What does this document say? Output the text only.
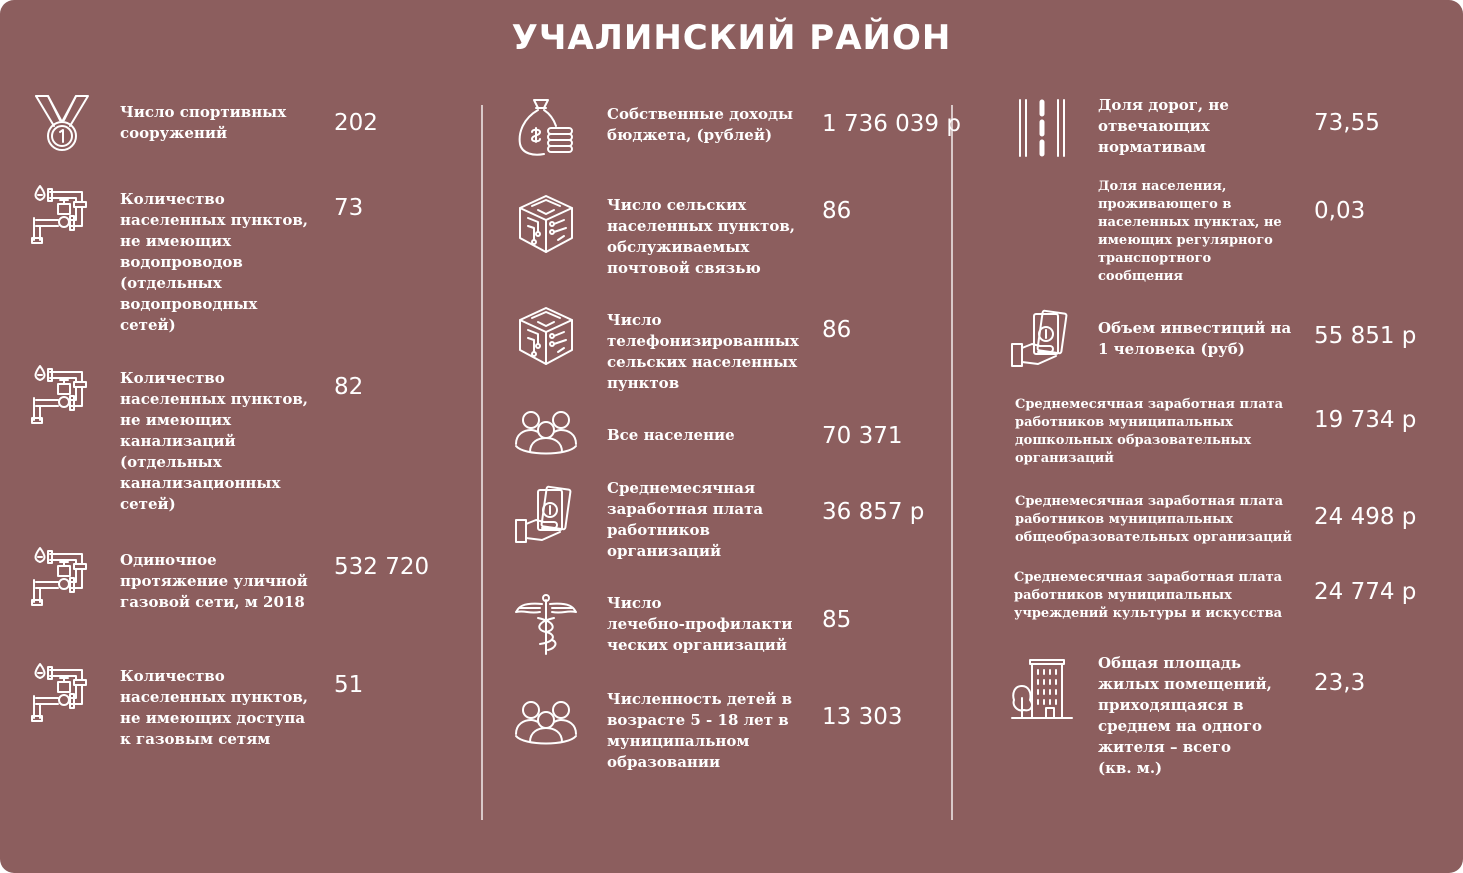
УЧАЛИНСКИЙ РАЙОН
Число спортивных
сооружений	202
Количество
населенных пунктов,
не имеющих
водопроводов
(отдельных
водопроводных
сетей)
73
Количество
населенных пунктов,
не имеющих
канализаций
(отдельных
канализационных
сетей)
82
Одиночное
протяжение уличной
газовой сети, м 2018
532 720
Количество
населенных пунктов,
не имеющих доступа
к газовым сетям
51
Собственные доходы
бюджета, (рублей)	1 736 039 р
Число сельских
населенных пунктов,
обслуживаемых
почтовой связью
86
Число
телефонизированных
сельских населенных
пунктов
86
Все население	70 371
Среднемесячная
заработная плата
работников
организаций
36 857 р
Число
лечебно-профилакти
ческих организаций
85
Численность детей в
возрасте 5 - 18 лет в
муниципальном
образовании
13 303
Доля дорог, не
отвечающих
нормативам
73,55
Доля населения,
проживающего в
населенных пунктах, не
имеющих регулярного
транспортного
сообщения
0,03
Объем инвестиций на
1 человека (руб)	55 851 р
Среднемесячная заработная плата
работников муниципальных
дошкольных образовательных
организаций
19 734 р
Среднемесячная заработная плата
работников муниципальных
общеобразовательных организаций
24 498 р
Среднемесячная заработная плата
работников муниципальных
учреждений культуры и искусства
24 774 р
Общая площадь
жилых помещений,
приходящаяся в
среднем на одного
жителя – всего
(кв. м.)
23,3
